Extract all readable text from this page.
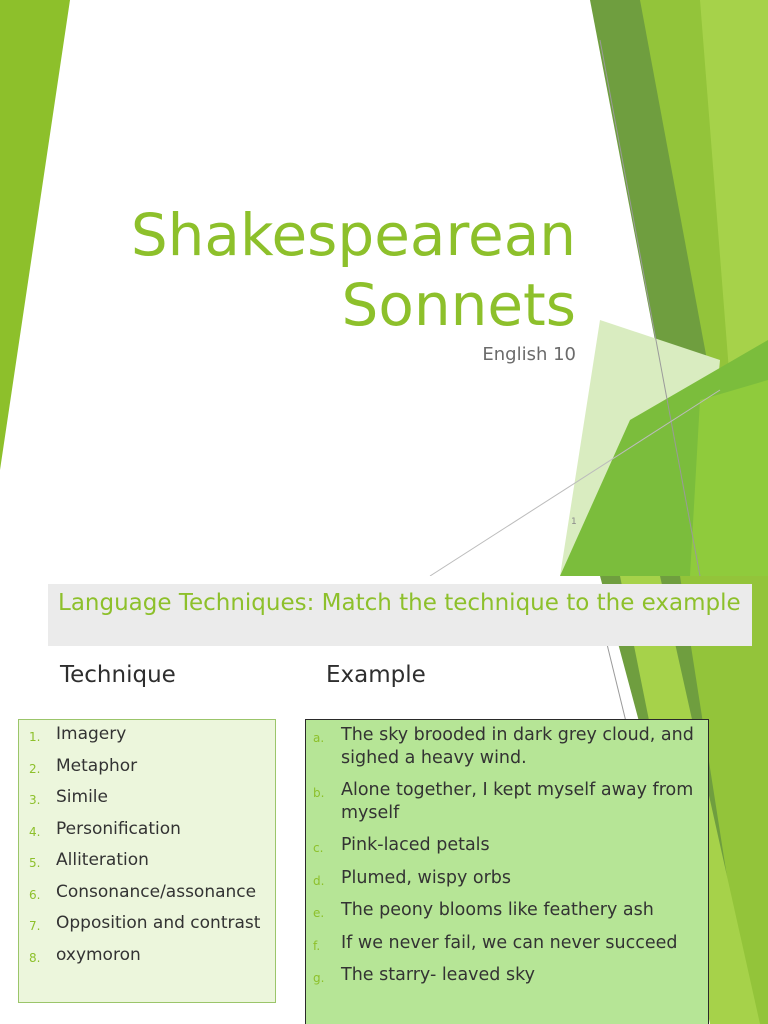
Shakespearean
Sonnets
English 10
1
Language Techniques: Match the technique to the example
Technique	Example
1. Imagery
2. Metaphor
3. Simile
4. Personification
5. Alliteration
6. Consonance/assonance
7. Opposition and contrast
8. oxymoron
a. The sky brooded in dark grey cloud, and sighed a heavy wind.
b. Alone together, I kept myself away from myself
c. Pink-laced petals
d. Plumed, wispy orbs
e. The peony blooms like feathery ash
f. If we never fail, we can never succeed
g. The starry- leaved sky
